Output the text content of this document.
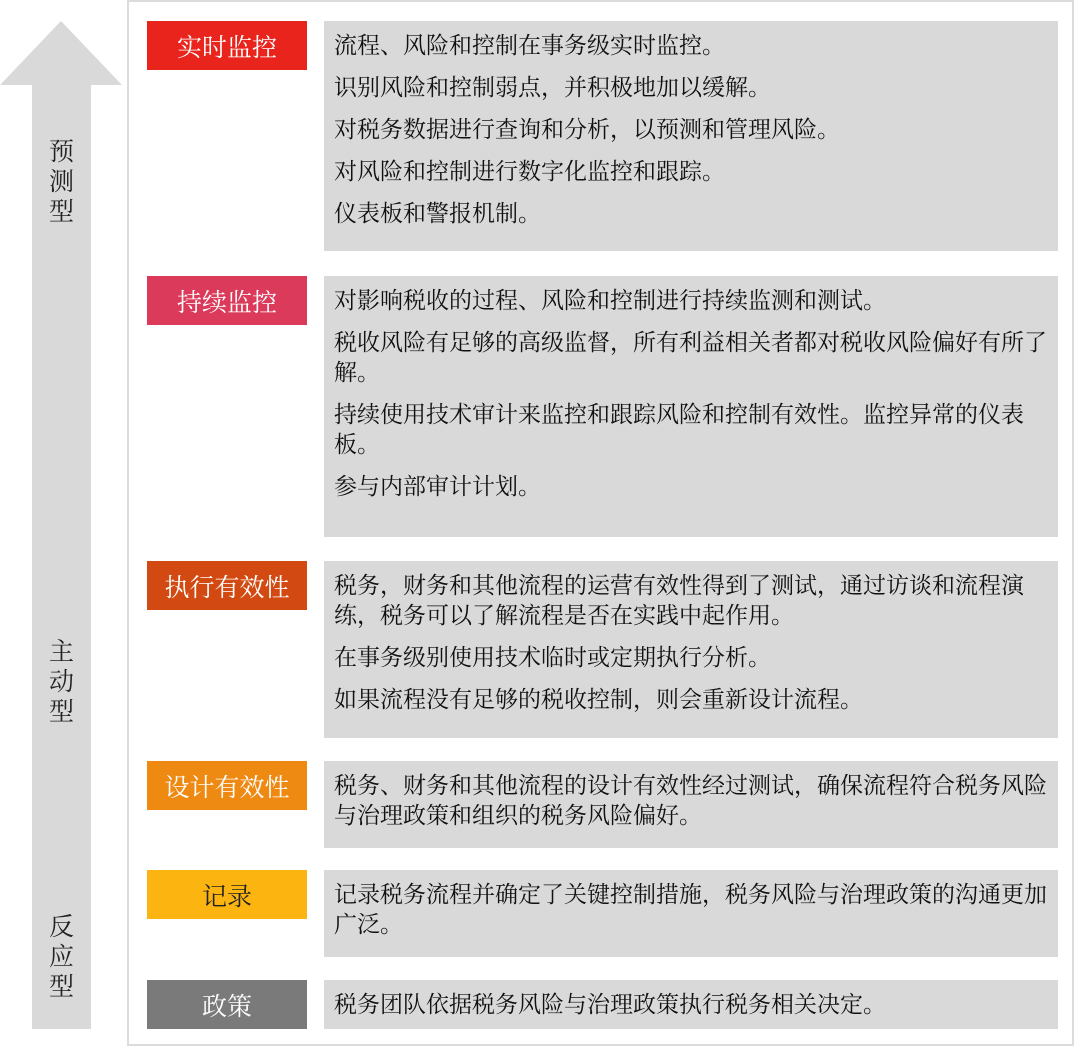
预
测
型
主
动
型
反
应
型
实时监控	流程、风险和控制在事务级实时监控。

识别风险和控制弱点，并积极地加以缓解。

对税务数据进行查询和分析，以预测和管理风险。

对风险和控制进行数字化监控和跟踪。

仪表板和警报机制。

持续监控	对影响税收的过程、风险和控制进行持续监测和测试。

税收风险有足够的高级监督，所有利益相关者都对税收风险偏好有所了解。

持续使用技术审计来监控和跟踪风险和控制有效性。监控异常的仪表板。

参与内部审计计划。

执行有效性	税务，财务和其他流程的运营有效性得到了测试，通过访谈和流程演练，税务可以了解流程是否在实践中起作用。

在事务级别使用技术临时或定期执行分析。

如果流程没有足够的税收控制，则会重新设计流程。

设计有效性	税务、财务和其他流程的设计有效性经过测试，确保流程符合税务风险与治理政策和组织的税务风险偏好。

记录	记录税务流程并确定了关键控制措施，税务风险与治理政策的沟通更加广泛。

政策	税务团队依据税务风险与治理政策执行税务相关决定。
